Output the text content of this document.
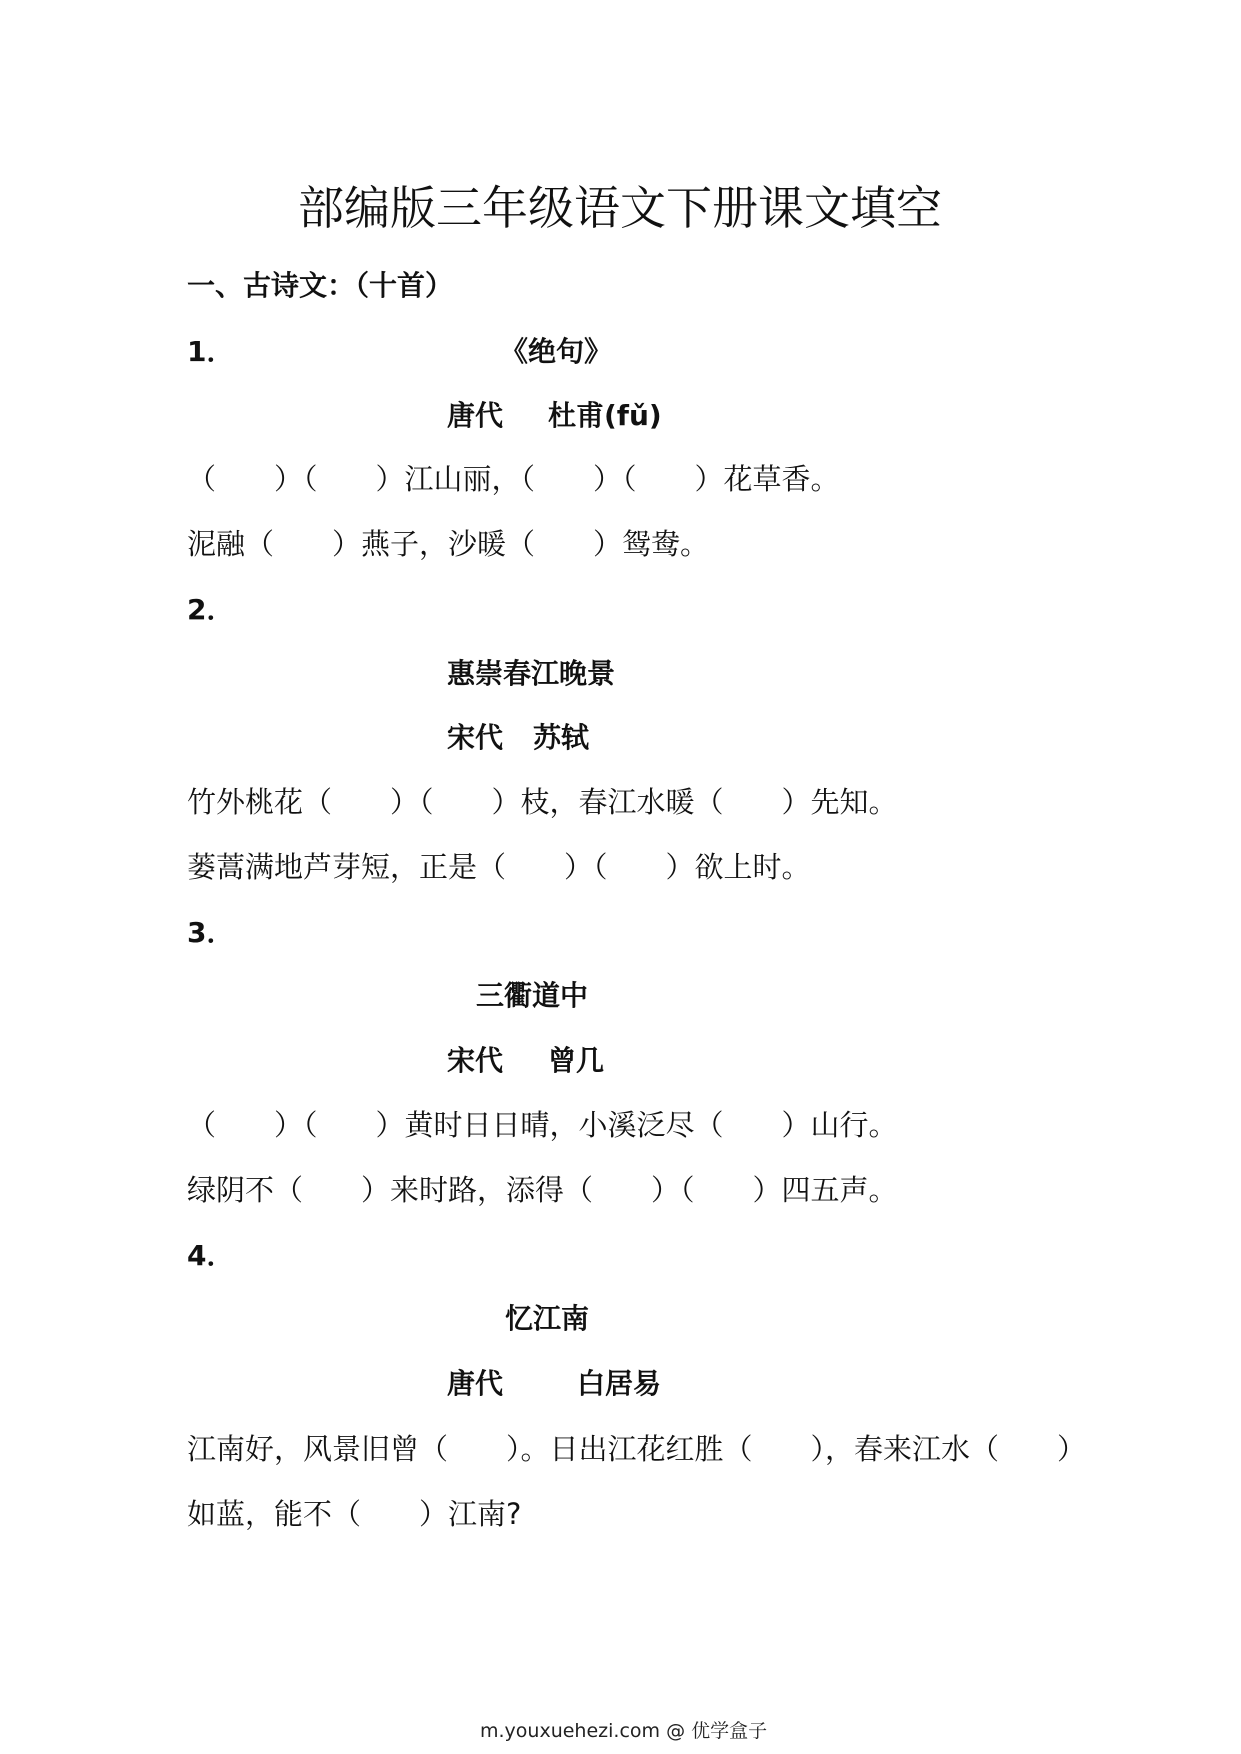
部编版三年级语文下册课文填空
一、古诗文：（十首）
1．	《绝句》
唐代 杜甫(fǔ)
（　　）（　　）江山丽，（　　）（　　）花草香。
泥融（　　）燕子，沙暖（　　）鸳鸯。
2．
惠崇春江晚景
宋代 苏轼
竹外桃花（　　）（　　）枝，春江水暖（　　）先知。
蒌蒿满地芦芽短，正是（　　）（　　）欲上时。
3．
三衢道中
宋代 曾几
（　　）（　　）黄时日日晴，小溪泛尽（　　）山行。
绿阴不（　　）来时路，添得（　　）（　　）四五声。
4．
忆江南
唐代	白居易
江南好，风景旧曾（　　）。日出江花红胜（　　），春来江水（　　）
如蓝，能不（　　）江南?
m.youxuehezi.com @ 优学盒子
